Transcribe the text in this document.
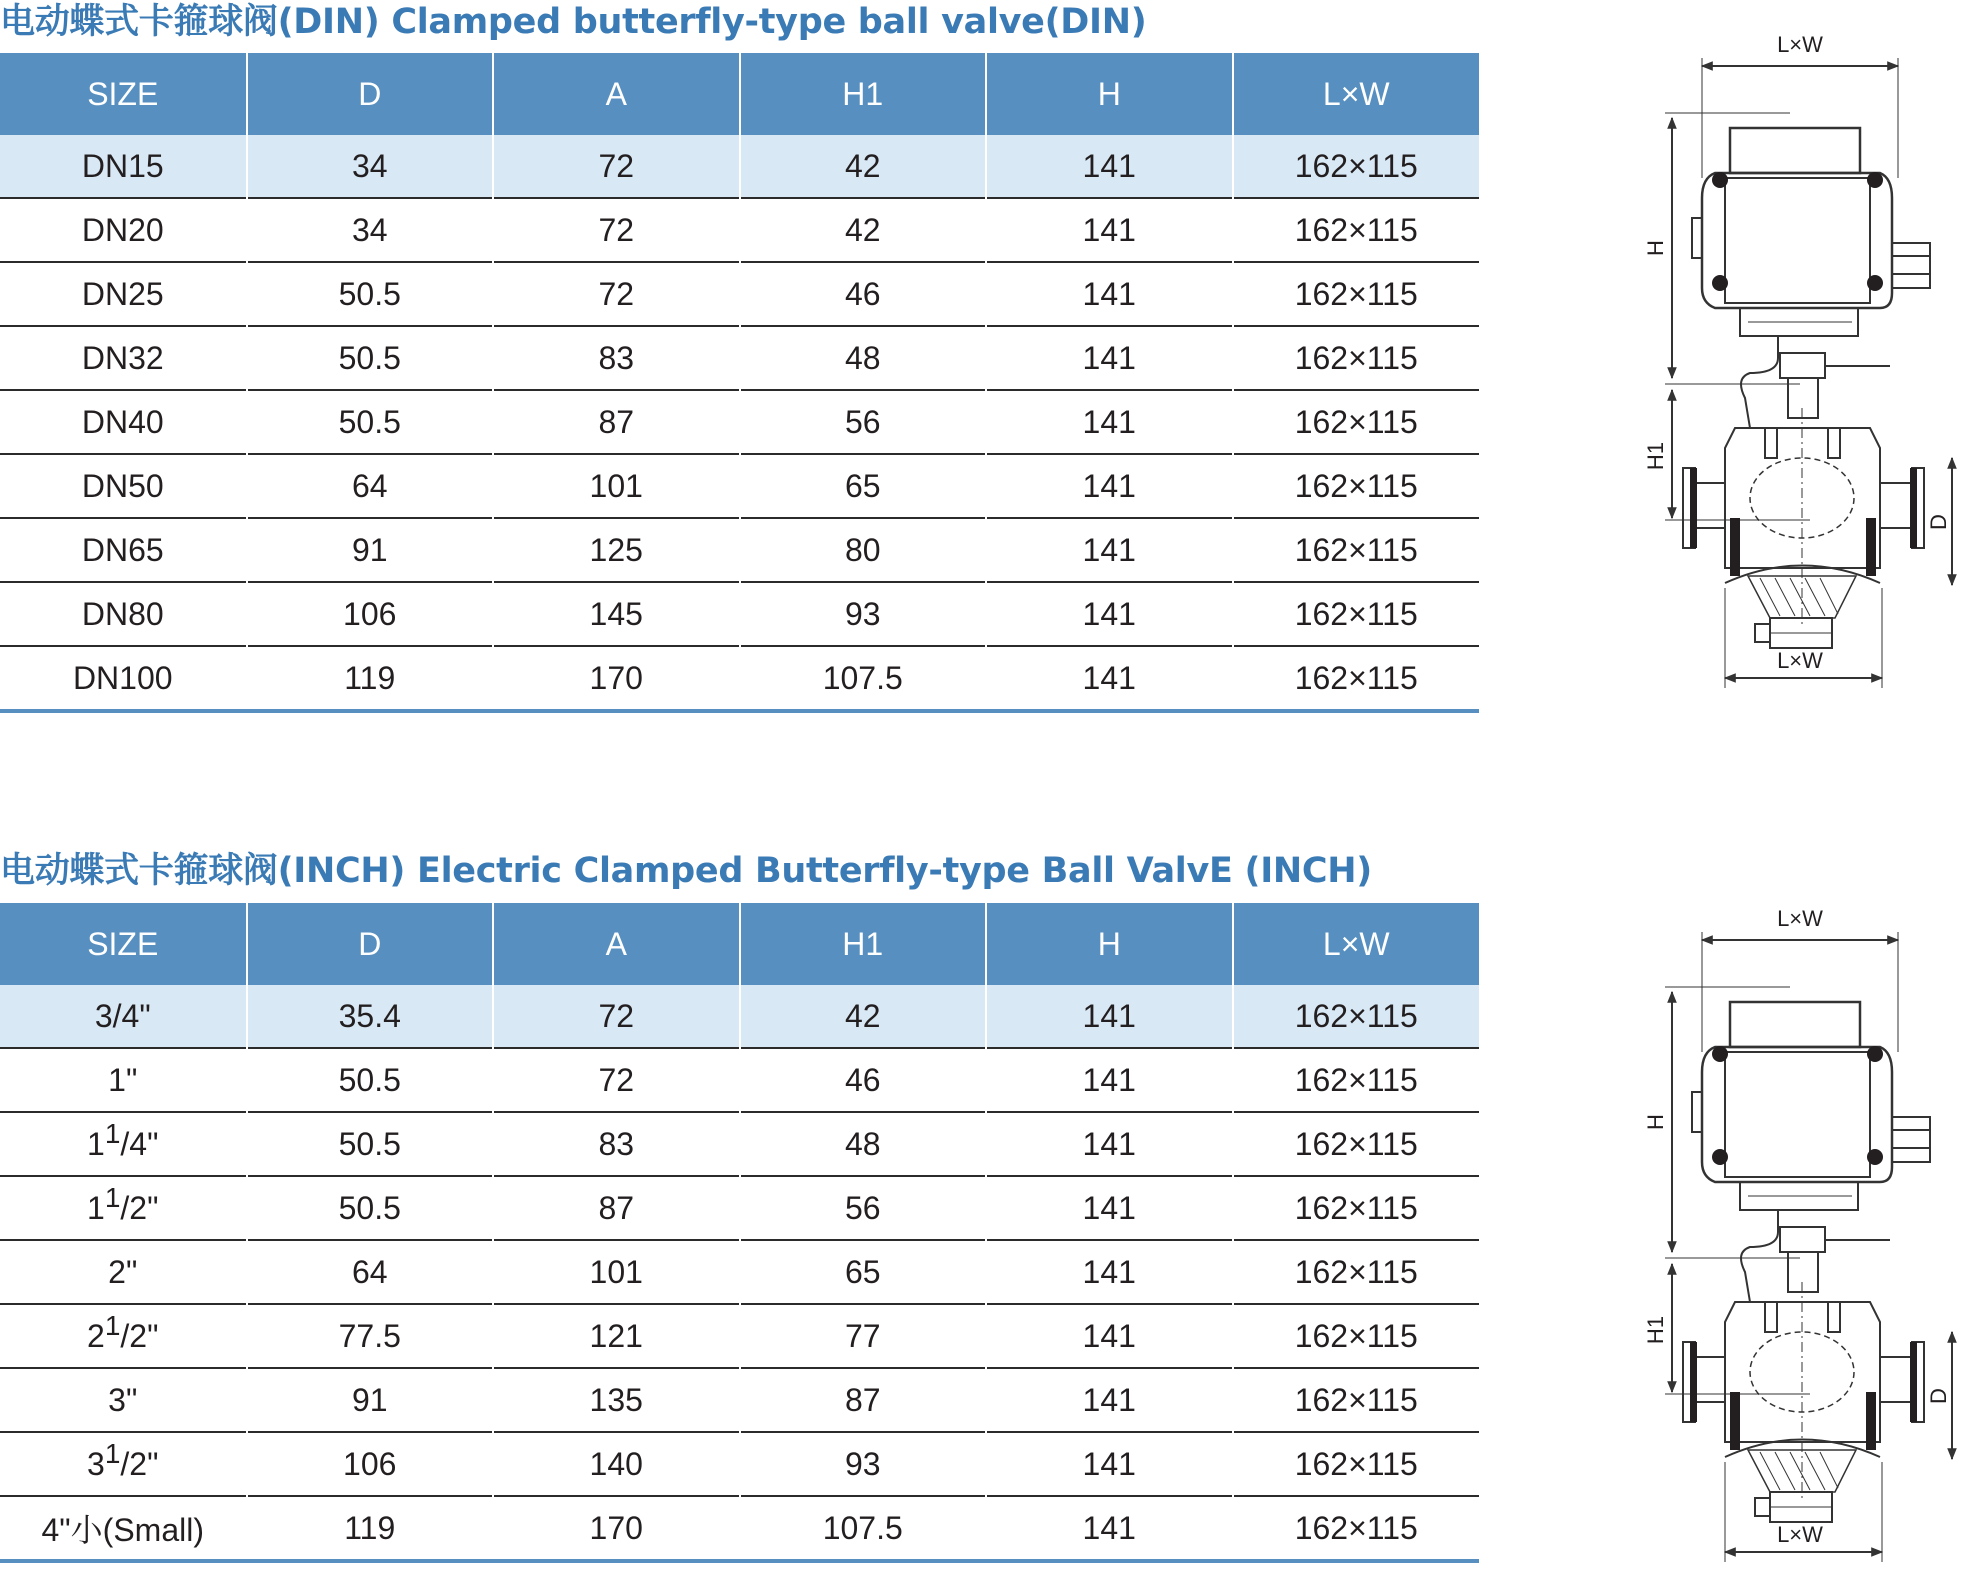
电动蝶式卡箍球阀(DIN) Clamped butterfly-type ball valve(DIN)
SIZE	D	A	H1	H	L×W
DN15	34	72	42	141	162×115
DN20	34	72	42	141	162×115
DN25	50.5	72	46	141	162×115
DN32	50.5	83	48	141	162×115
DN40	50.5	87	56	141	162×115
DN50	64	101	65	141	162×115
DN65	91	125	80	141	162×115
DN80	106	145	93	141	162×115
DN100	119	170	107.5	141	162×115
L×W
L×W
H
H1
D
电动蝶式卡箍球阀(INCH) Electric Clamped Butterfly-type Ball ValvE (INCH)
SIZE	D	A	H1	H	L×W
3/4"	35.4	72	42	141	162×115
1"	50.5	72	46	141	162×115
11/4"	50.5	83	48	141	162×115
11/2"	50.5	87	56	141	162×115
2"	64	101	65	141	162×115
21/2"	77.5	121	77	141	162×115
3"	91	135	87	141	162×115
31/2"	106	140	93	141	162×115
4"小(Small)	119	170	107.5	141	162×115
L×W
L×W
H
H1
D
